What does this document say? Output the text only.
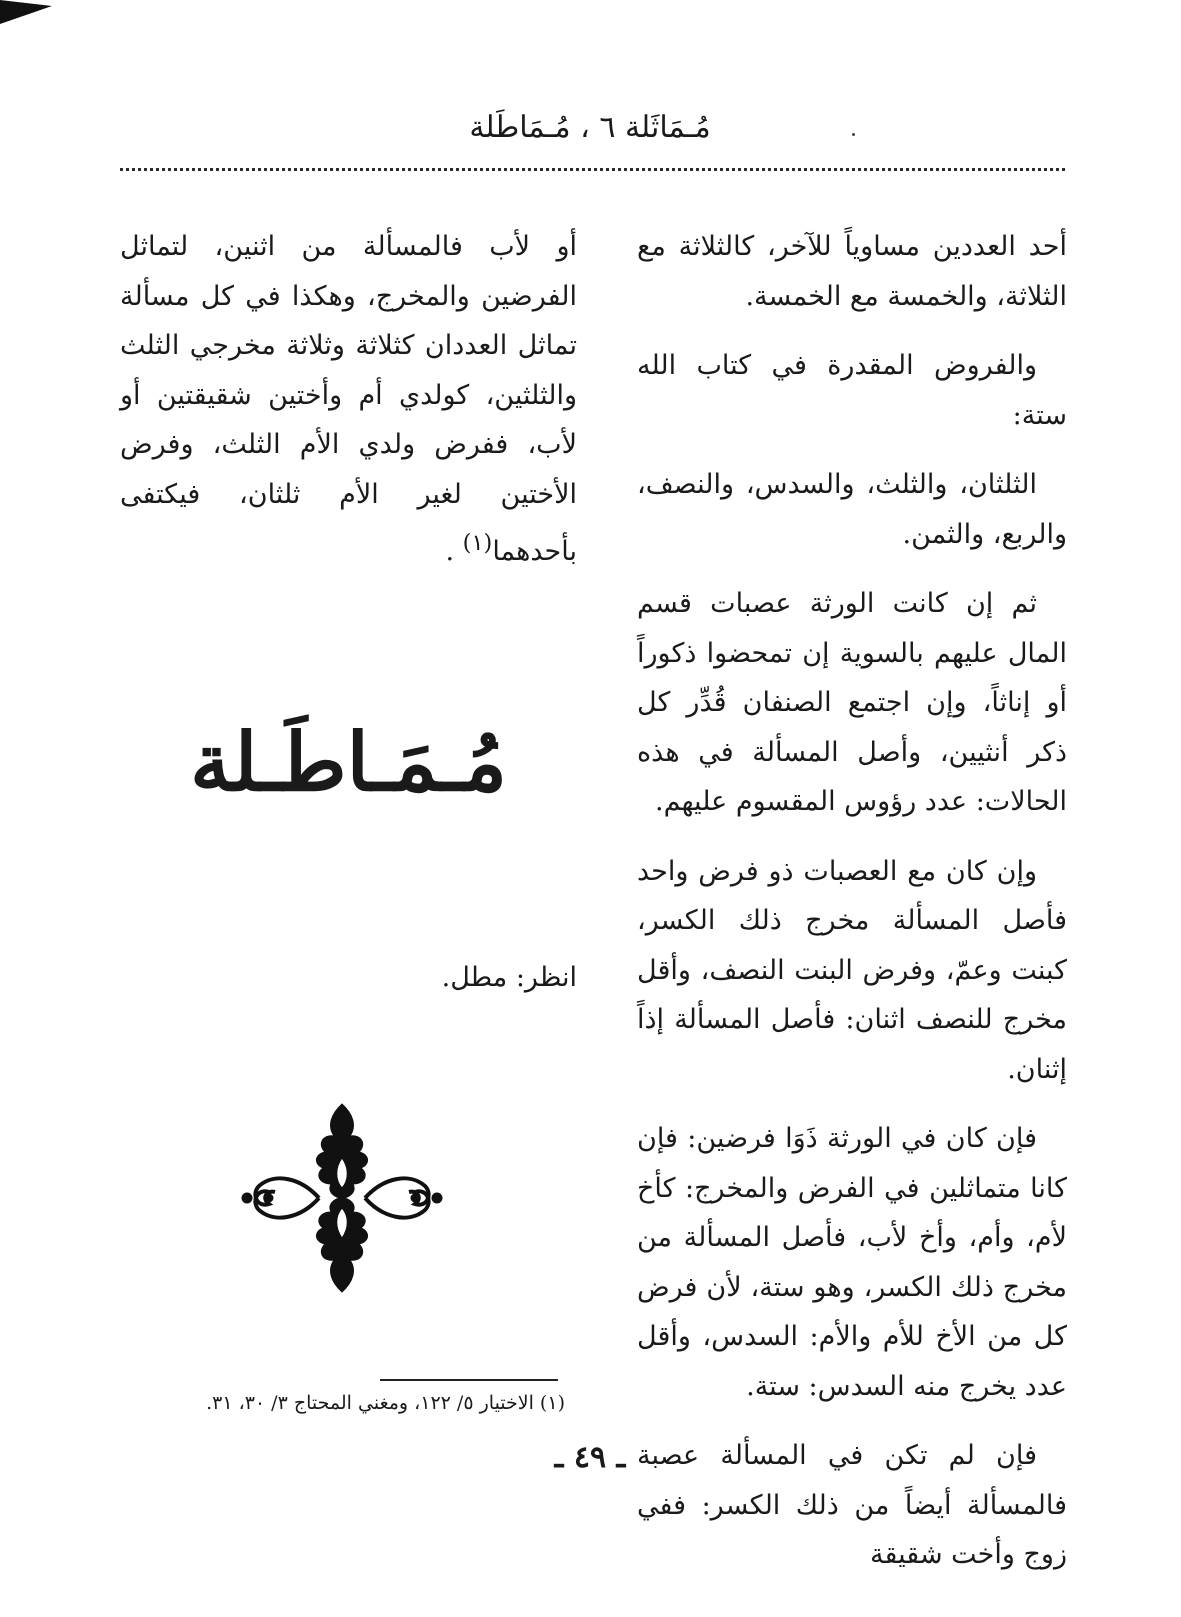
مُـمَاثَلة ٦ ، مُـمَاطَلة

أحد العددين مساوياً للآخر، كالثلاثة مع الثلاثة، والخمسة مع الخمسة.

والفروض المقدرة في كتاب الله ستة:

الثلثان، والثلث، والسدس، والنصف، والربع، والثمن.

ثم إن كانت الورثة عصبات قسم المال عليهم بالسوية إن تمحضوا ذكوراً أو إناثاً، وإن اجتمع الصنفان قُدِّر كل ذكر أنثيين، وأصل المسألة في هذه الحالات: عدد رؤوس المقسوم عليهم.

وإن كان مع العصبات ذو فرض واحد فأصل المسألة مخرج ذلك الكسر، كبنت وعمّ، وفرض البنت النصف، وأقل مخرج للنصف اثنان: فأصل المسألة إذاً إثنان.

فإن كان في الورثة ذَوَا فرضين: فإن كانا متماثلين في الفرض والمخرج: كأخ لأم، وأم، وأخ لأب، فأصل المسألة من مخرج ذلك الكسر، وهو ستة، لأن فرض كل من الأخ للأم والأم: السدس، وأقل عدد يخرج منه السدس: ستة.

فإن لم تكن في المسألة عصبة فالمسألة أيضاً من ذلك الكسر: ففي زوج وأخت شقيقة

أو لأب فالمسألة من اثنين، لتماثل الفرضين والمخرج، وهكذا في كل مسألة تماثل العددان كثلاثة وثلاثة مخرجي الثلث والثلثين، كولدي أم وأختين شقيقتين أو لأب، ففرض ولدي الأم الثلث، وفرض الأختين لغير الأم ثلثان، فيكتفى بأحدهما$^{(١)}$ .

مُـمَـاطَـلة
انظر: مطل.
(١) الاختيار ٥/ ١٢٢، ومغني المحتاج ٣/ ٣٠، ٣١.
ـ ٤٩ ـ
